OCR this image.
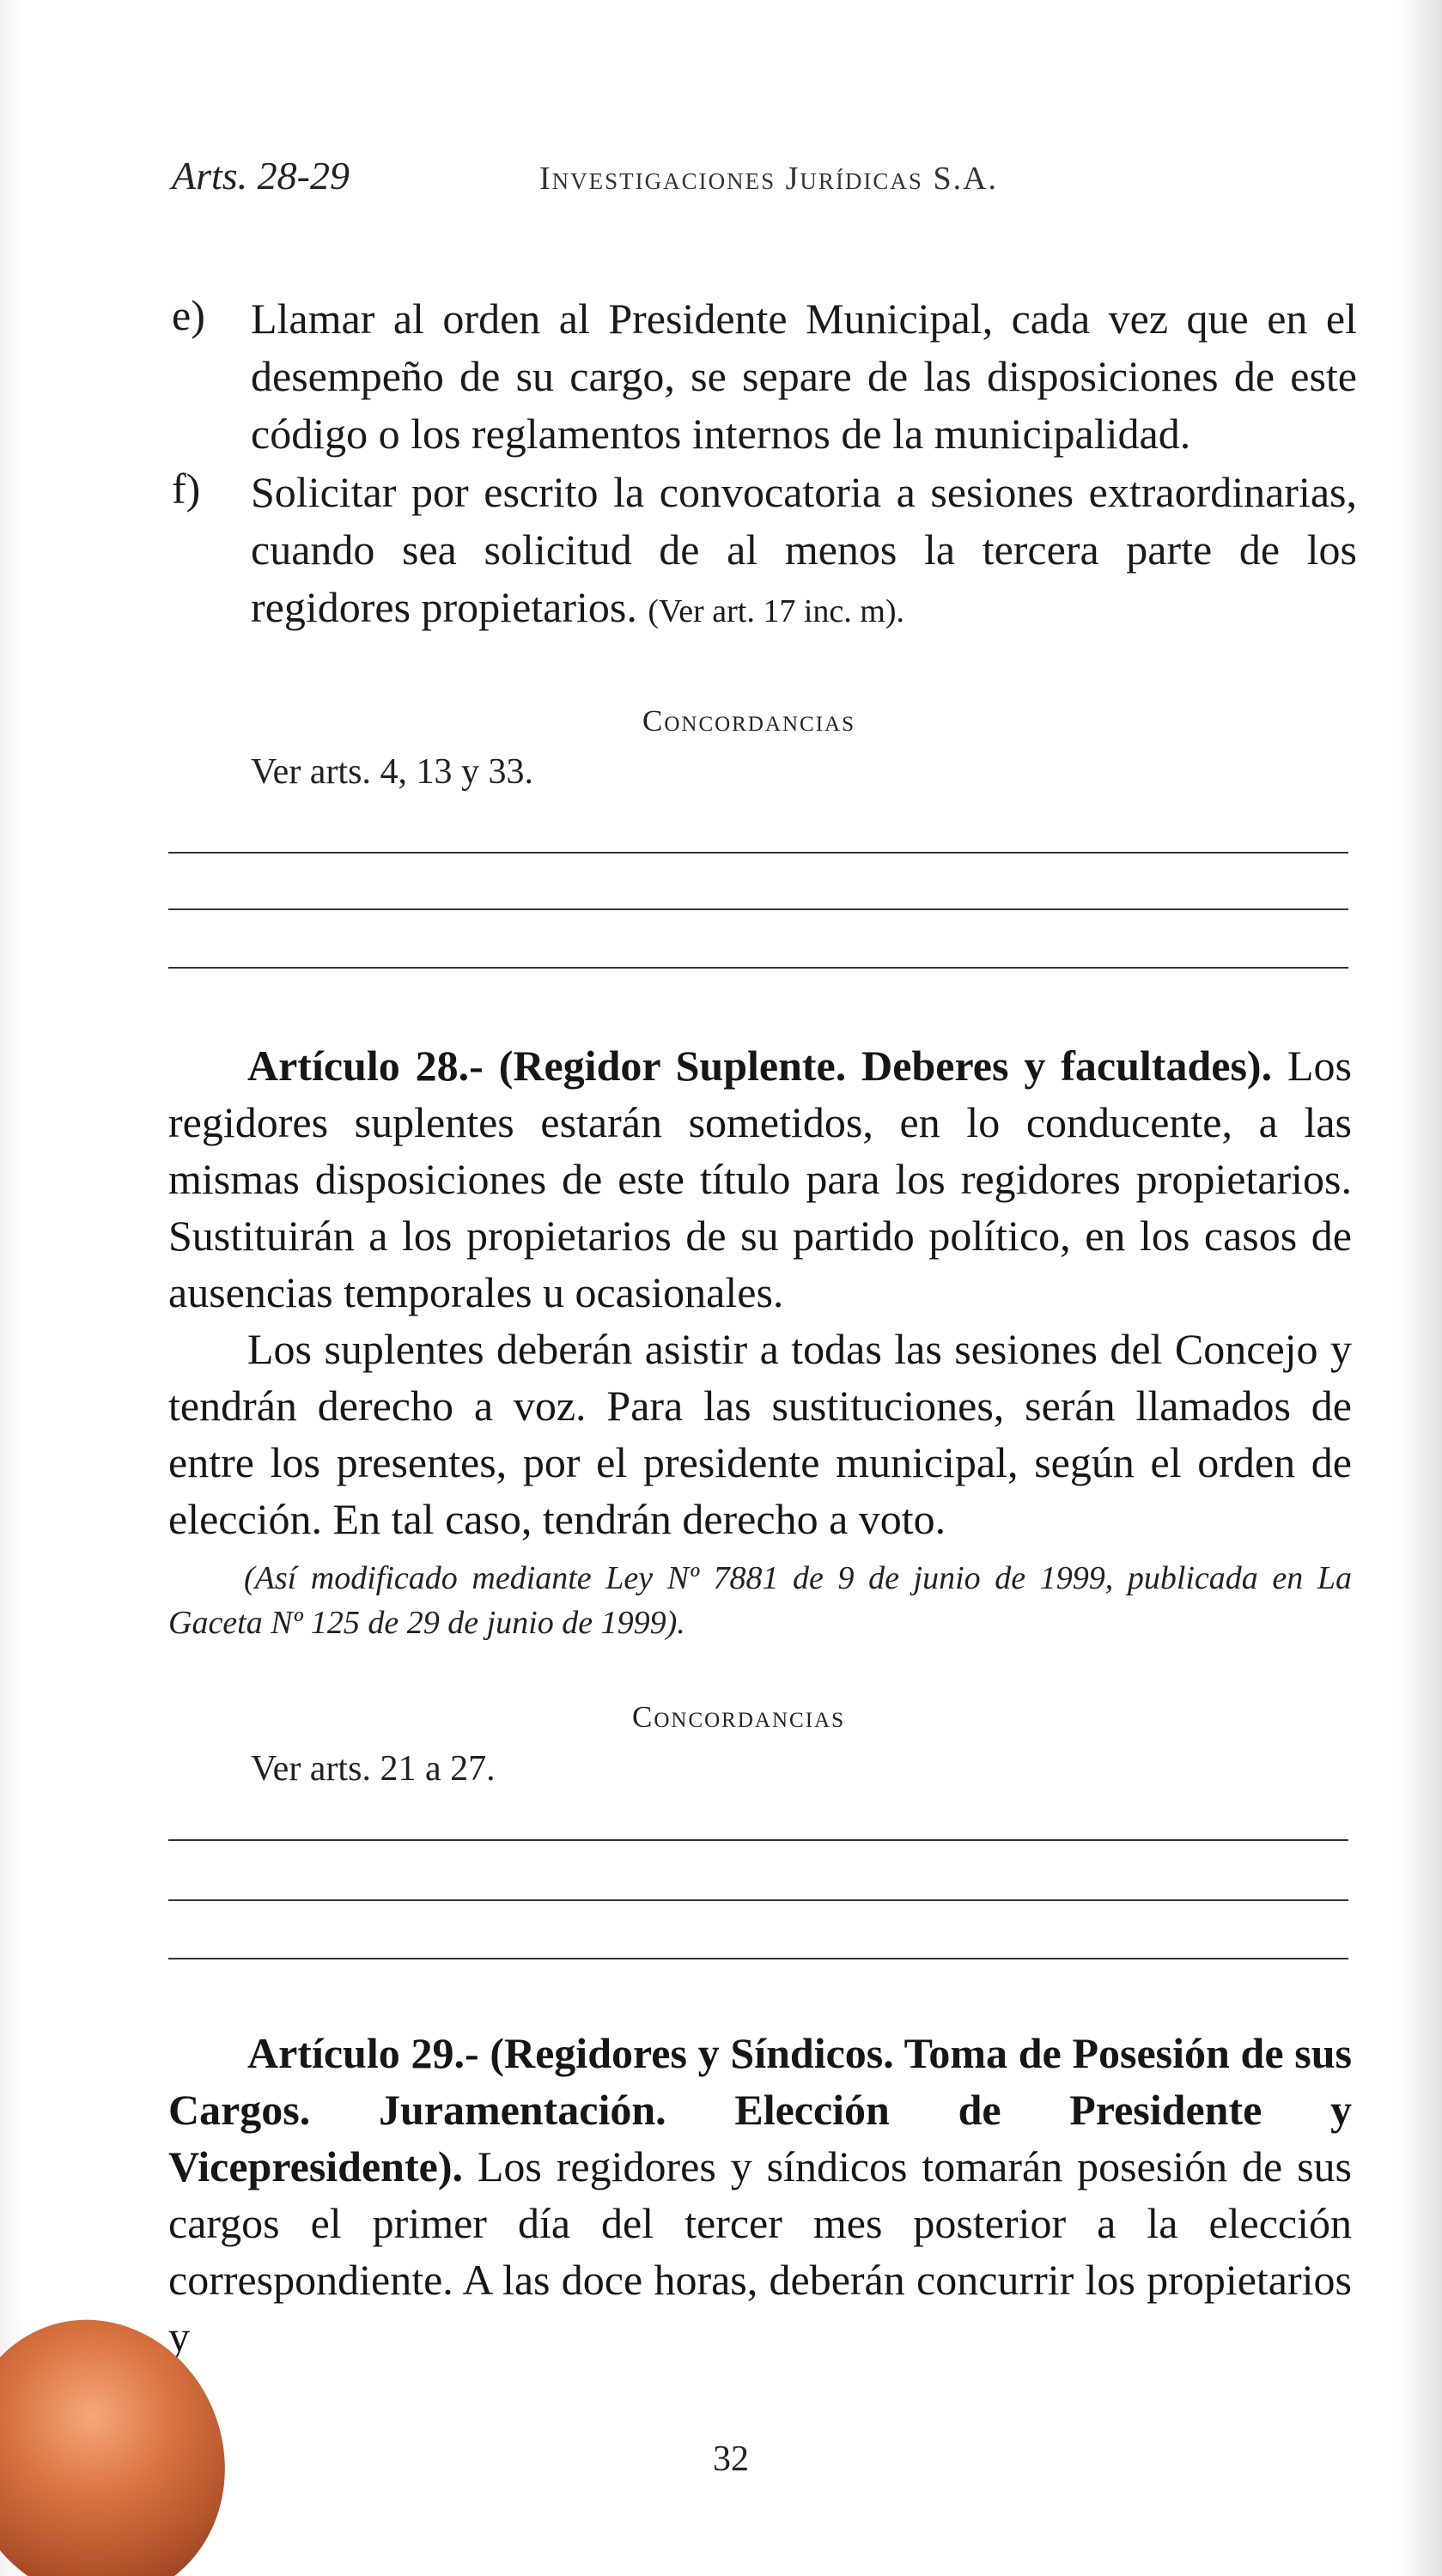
Arts. 28-29	Investigaciones Jurídicas S.A.
e) Llamar al orden al Presidente Municipal, cada vez que en el desempeño de su cargo, se separe de las disposiciones de este código o los reglamentos internos de la municipalidad.
f) Solicitar por escrito la convocatoria a sesiones extraordinarias, cuando sea solicitud de al menos la tercera parte de los regidores propietarios. (Ver art. 17 inc. m).
Concordancias
Ver arts. 4, 13 y 33.

Artículo 28.- (Regidor Suplente. Deberes y facultades). Los regidores suplentes estarán sometidos, en lo conducente, a las mismas disposiciones de este título para los regidores propietarios. Sustituirán a los propietarios de su partido político, en los casos de ausencias temporales u ocasionales.

Los suplentes deberán asistir a todas las sesiones del Concejo y tendrán derecho a voz. Para las sustituciones, serán llamados de entre los presentes, por el presidente municipal, según el orden de elección. En tal caso, tendrán derecho a voto.

(Así modificado mediante Ley Nº 7881 de 9 de junio de 1999, publicada en La Gaceta Nº 125 de 29 de junio de 1999).
Concordancias
Ver arts. 21 a 27.

Artículo 29.- (Regidores y Síndicos. Toma de Posesión de sus Cargos. Juramentación. Elección de Presidente y Vicepresidente). Los regidores y síndicos tomarán posesión de sus cargos el primer día del tercer mes posterior a la elección correspondiente. A las doce horas, deberán concurrir los propietarios y

32
